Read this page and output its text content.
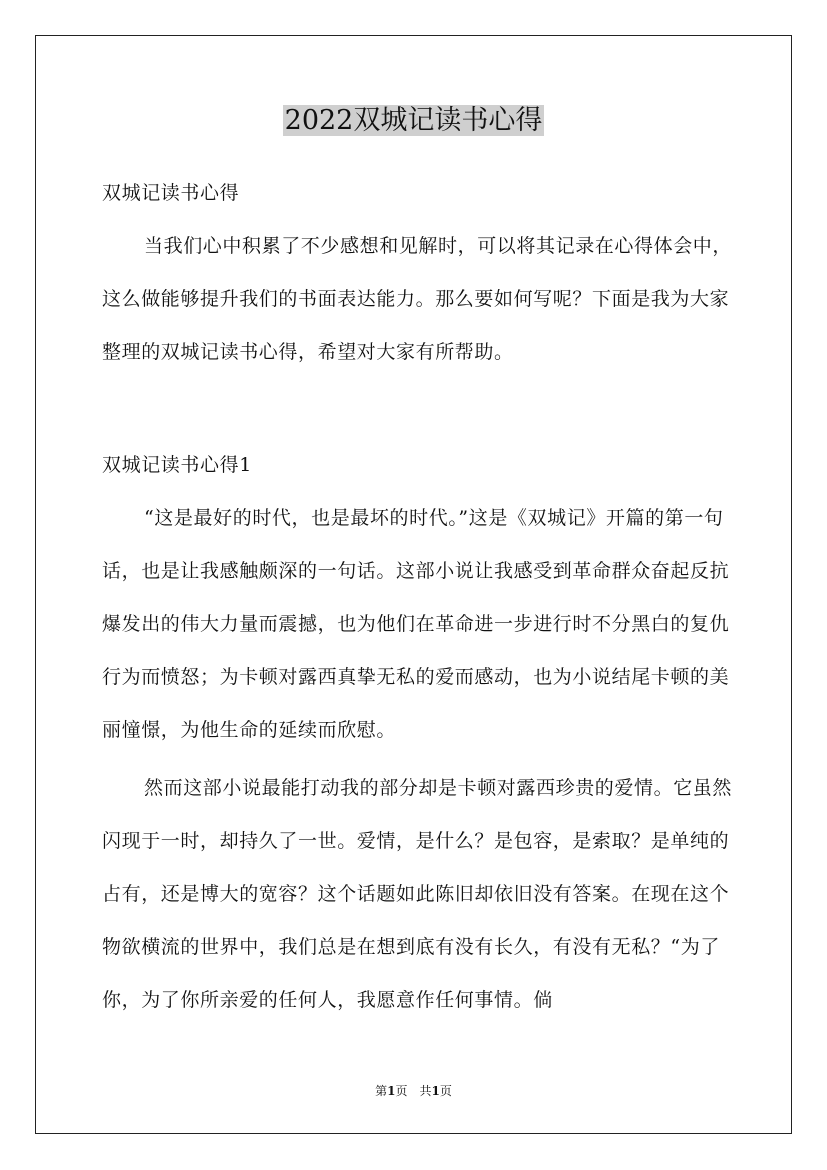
2022双城记读书心得

双城记读书心得

当我们心中积累了不少感想和见解时，可以将其记录在心得体会中，这么做能够提升我们的书面表达能力。那么要如何写呢？下面是我为大家整理的双城记读书心得，希望对大家有所帮助。

双城记读书心得1

“这是最好的时代，也是最坏的时代。”这是《双城记》开篇的第一句话，也是让我感触颇深的一句话。这部小说让我感受到革命群众奋起反抗爆发出的伟大力量而震撼，也为他们在革命进一步进行时不分黑白的复仇行为而愤怒；为卡顿对露西真挚无私的爱而感动，也为小说结尾卡顿的美丽憧憬，为他生命的延续而欣慰。

然而这部小说最能打动我的部分却是卡顿对露西珍贵的爱情。它虽然闪现于一时，却持久了一世。爱情，是什么？是包容，是索取？是单纯的占有，还是博大的宽容？这个话题如此陈旧却依旧没有答案。在现在这个物欲横流的世界中，我们总是在想到底有没有长久，有没有无私？“为了你，为了你所亲爱的任何人，我愿意作任何事情。倘

第1页　共1页
